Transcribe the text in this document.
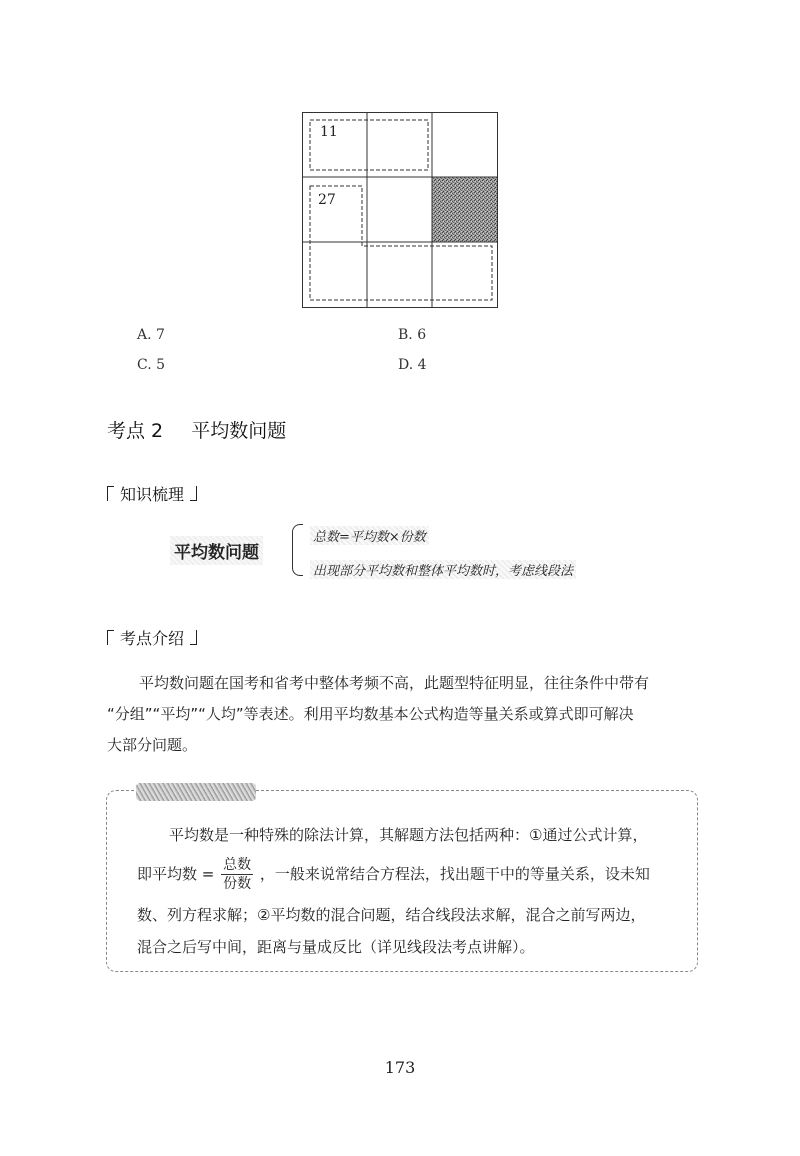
11
27
A. 7	B. 6
C. 5	D. 4
考点 2 平均数问题
知识梳理
平均数问题
总数=平均数×份数
出现部分平均数和整体平均数时，考虑线段法
考点介绍

平均数问题在国考和省考中整体考频不高，此题型特征明显，往往条件中带有

“分组”“平均”“人均”等表述。利用平均数基本公式构造等量关系或算式即可解决

大部分问题。

平均数是一种特殊的除法计算，其解题方法包括两种：①通过公式计算，
即平均数 = $\frac{\text{总数}}{\text{份数}}$ ，一般来说常结合方程法，找出题干中的等量关系，设未知
数、列方程求解；②平均数的混合问题，结合线段法求解，混合之前写两边，
混合之后写中间，距离与量成反比（详见线段法考点讲解）。
173
